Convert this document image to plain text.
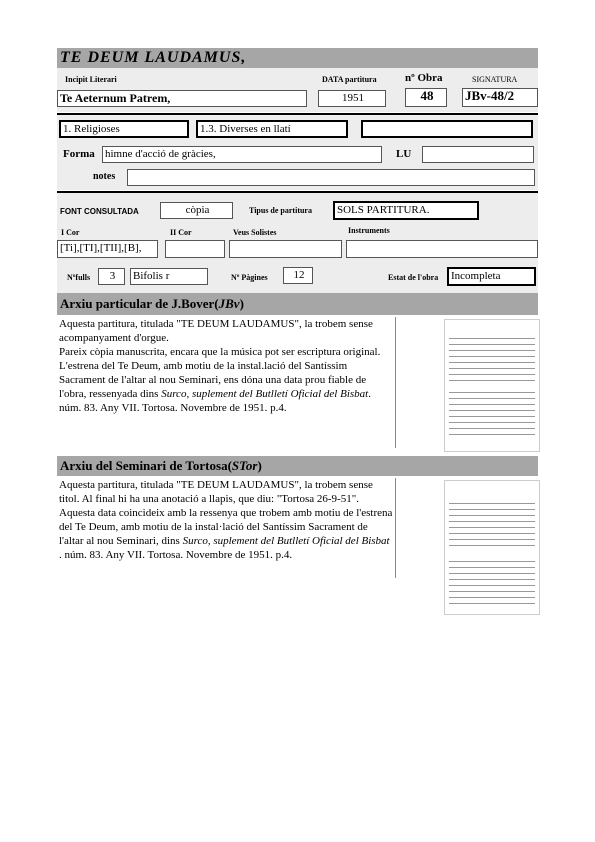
TE DEUM LAUDAMUS,
Incipit Literari	DATA partitura	nº Obra	SIGNATURA
Te Aeternum Patrem,	1951	48	JBv-48/2
1. Religioses	1.3. Diverses en llatí
Forma himne d'acció de gràcies,	LU
notes
FONT CONSULTADA	còpia	Tipus de partitura	SOLS PARTITURA.
I Cor	II Cor	Veus Solistes	Instruments
[Ti],[TI],[TII],[B],
Nºfulls	3	Bifolis r	Nº Pàgines	12	Estat de l'obra	Incompleta
Arxiu particular de J.Bover(JBv)
Aquesta partitura, titulada "TE DEUM LAUDAMUS", la trobem sense acompanyament d'orgue.
Pareix còpia manuscrita, encara que la música pot ser escriptura original.
L'estrena del Te Deum, amb motiu de la instal.lació del Santíssim Sacrament de l'altar al nou Seminari, ens dóna una data prou fiable de l'obra, ressenyada dins Surco, suplement del Butlletí Oficial del Bisbat. núm. 83. Any VII. Tortosa. Novembre de 1951. p.4.
Arxiu del Seminari de Tortosa(STor)
Aquesta partitura, titulada "TE DEUM LAUDAMUS", la trobem sense titol. Al final hi ha una anotació a llapis, que diu: "Tortosa 26-9-51". Aquesta data coincideix amb la ressenya que trobem amb motiu de l'estrena del Te Deum, amb motiu de la instal·lació del Santíssim Sacrament de l'altar al nou Seminari, dins Surco, suplement del Butlletí Oficial del Bisbat . núm. 83. Any VII. Tortosa. Novembre de 1951. p.4.
